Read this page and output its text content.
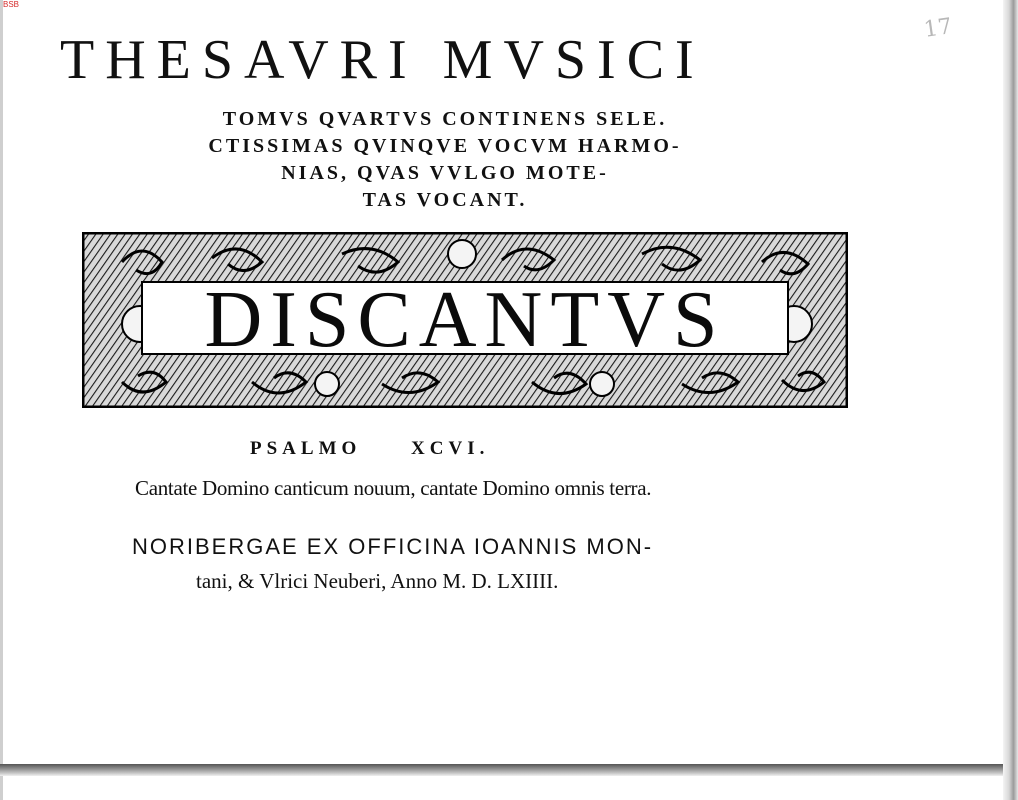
BSB
17
THESAVRI MVSICI
TOMVS QVARTVS CONTINENS SELE.
CTISSIMAS QVINQVE VOCVM HARMO-
NIAS, QVAS VVLGO MOTE-
TAS VOCANT.
DISCANTVS
PSALMO	XCVI.
Cantate Domino canticum nouum, cantate Domino omnis terra.
NORIBERGAE EX OFFICINA IOANNIS MON-
tani, & Vlrici Neuberi, Anno M. D. LXIIII.
